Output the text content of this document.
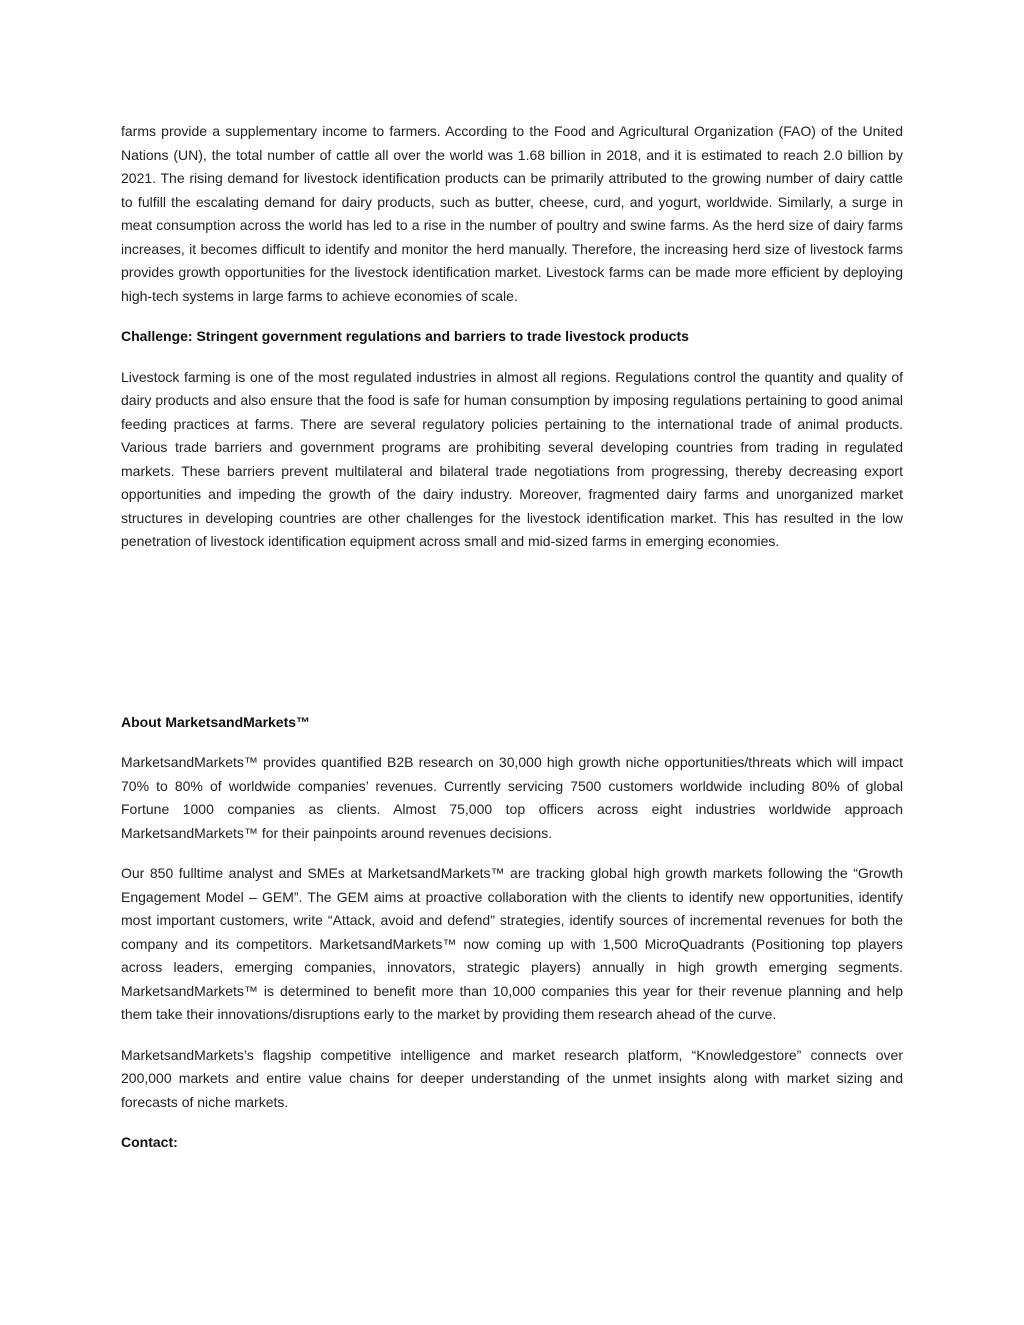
farms provide a supplementary income to farmers. According to the Food and Agricultural Organization (FAO) of the United Nations (UN), the total number of cattle all over the world was 1.68 billion in 2018, and it is estimated to reach 2.0 billion by 2021. The rising demand for livestock identification products can be primarily attributed to the growing number of dairy cattle to fulfill the escalating demand for dairy products, such as butter, cheese, curd, and yogurt, worldwide. Similarly, a surge in meat consumption across the world has led to a rise in the number of poultry and swine farms. As the herd size of dairy farms increases, it becomes difficult to identify and monitor the herd manually. Therefore, the increasing herd size of livestock farms provides growth opportunities for the livestock identification market. Livestock farms can be made more efficient by deploying high-tech systems in large farms to achieve economies of scale.

Challenge: Stringent government regulations and barriers to trade livestock products

Livestock farming is one of the most regulated industries in almost all regions. Regulations control the quantity and quality of dairy products and also ensure that the food is safe for human consumption by imposing regulations pertaining to good animal feeding practices at farms. There are several regulatory policies pertaining to the international trade of animal products. Various trade barriers and government programs are prohibiting several developing countries from trading in regulated markets. These barriers prevent multilateral and bilateral trade negotiations from progressing, thereby decreasing export opportunities and impeding the growth of the dairy industry. Moreover, fragmented dairy farms and unorganized market structures in developing countries are other challenges for the livestock identification market. This has resulted in the low penetration of livestock identification equipment across small and mid-sized farms in emerging economies.

About MarketsandMarkets™

MarketsandMarkets™ provides quantified B2B research on 30,000 high growth niche opportunities/threats which will impact 70% to 80% of worldwide companies’ revenues. Currently servicing 7500 customers worldwide including 80% of global Fortune 1000 companies as clients. Almost 75,000 top officers across eight industries worldwide approach MarketsandMarkets™ for their painpoints around revenues decisions.

Our 850 fulltime analyst and SMEs at MarketsandMarkets™ are tracking global high growth markets following the “Growth Engagement Model – GEM”. The GEM aims at proactive collaboration with the clients to identify new opportunities, identify most important customers, write “Attack, avoid and defend” strategies, identify sources of incremental revenues for both the company and its competitors. MarketsandMarkets™ now coming up with 1,500 MicroQuadrants (Positioning top players across leaders, emerging companies, innovators, strategic players) annually in high growth emerging segments. MarketsandMarkets™ is determined to benefit more than 10,000 companies this year for their revenue planning and help them take their innovations/disruptions early to the market by providing them research ahead of the curve.

MarketsandMarkets’s flagship competitive intelligence and market research platform, “Knowledgestore” connects over 200,000 markets and entire value chains for deeper understanding of the unmet insights along with market sizing and forecasts of niche markets.

Contact:
